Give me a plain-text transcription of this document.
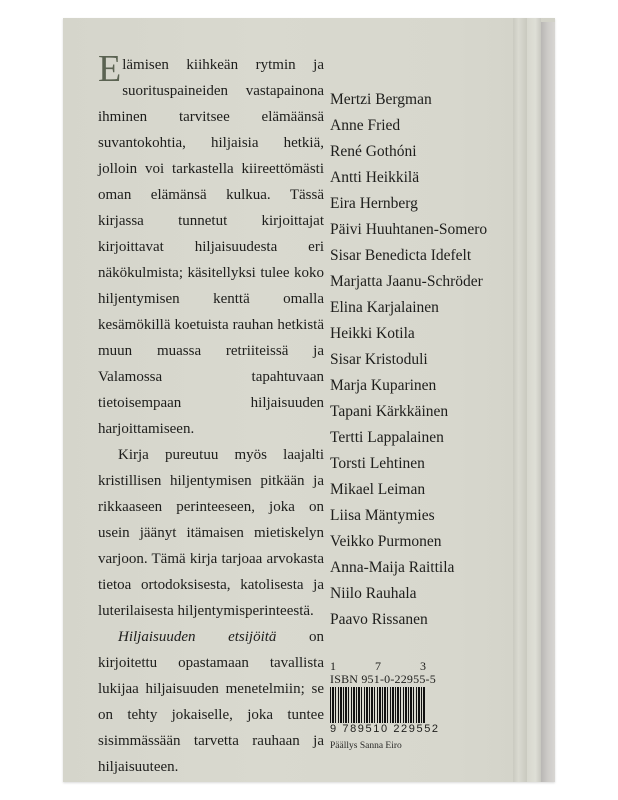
Elämisen kiihkeän rytmin ja suorituspaineiden vastapainona ihminen tarvitsee elämäänsä suvantokohtia, hiljaisia hetkiä, jolloin voi tarkastella kiireettömästi oman elämänsä kulkua. Tässä kirjassa tunnetut kirjoittajat kirjoittavat hiljaisuudesta eri näkökulmista; käsitellyksi tulee koko hiljentymisen kenttä omalla kesämökillä koetuista rauhan hetkistä muun muassa retriiteissä ja Valamossa tapahtuvaan tietoisempaan hiljaisuuden harjoittamiseen.

Kirja pureutuu myös laajalti kristillisen hiljentymisen pitkään ja rikkaaseen perinteeseen, joka on usein jäänyt itämaisen mietiskelyn varjoon. Tämä kirja tarjoaa arvokasta tietoa ortodoksisesta, katolisesta ja luterilaisesta hiljentymisperinteestä.

Hiljaisuuden etsijöitä on kirjoitettu opastamaan tavallista lukijaa hiljaisuuden menetelmiin; se on tehty jokaiselle, joka tuntee sisimmässään tarvetta rauhaan ja hiljaisuuteen.

Mertzi Bergman
Anne Fried
René Gothóni
Antti Heikkilä
Eira Hernberg
Päivi Huuhtanen-Somero
Sisar Benedicta Idefelt
Marjatta Jaanu-Schröder
Elina Karjalainen
Heikki Kotila
Sisar Kristoduli
Marja Kuparinen
Tapani Kärkkäinen
Tertti Lappalainen
Torsti Lehtinen
Mikael Leiman
Liisa Mäntymies
Veikko Purmonen
Anna-Maija Raittila
Niilo Rauhala
Paavo Rissanen
1	7	3
ISBN 951-0-22955-5
9 789510 229552
Päällys Sanna Eiro
